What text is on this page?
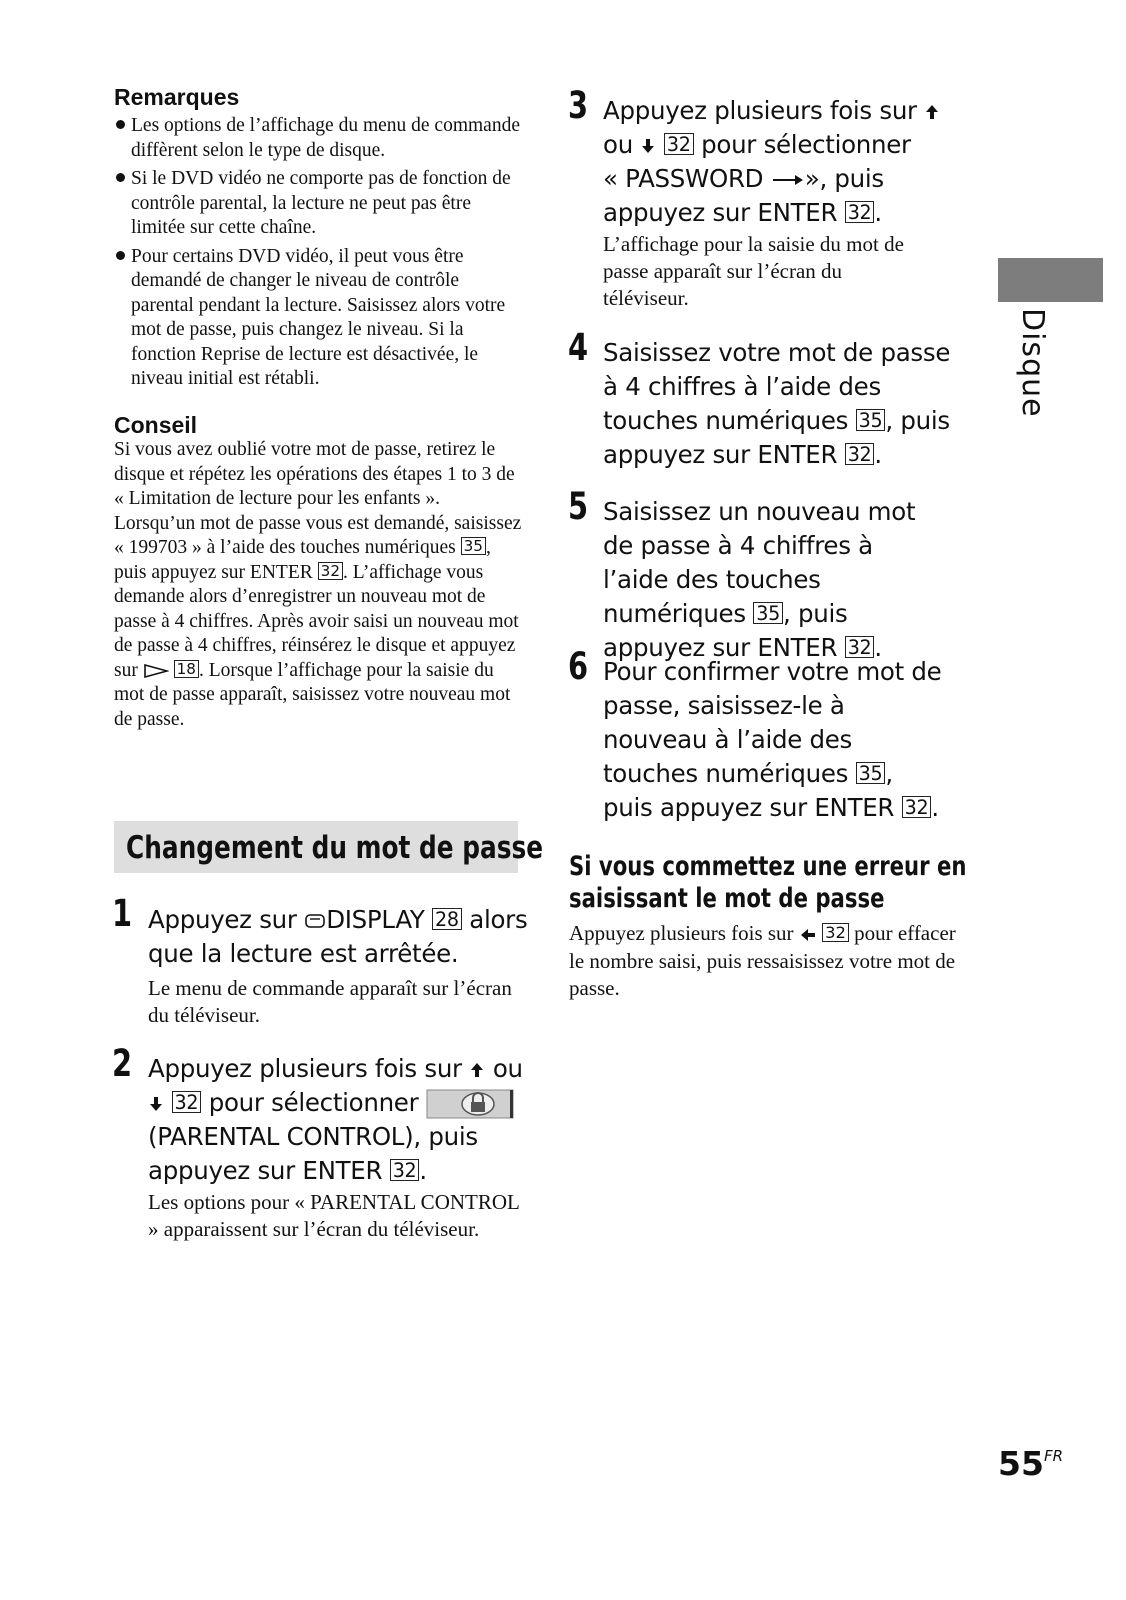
Remarques
Les options de l’affichage du menu de commande diffèrent selon le type de disque.
Si le DVD vidéo ne comporte pas de fonction de contrôle parental, la lecture ne peut pas être limitée sur cette chaîne.
Pour certains DVD vidéo, il peut vous être demandé de changer le niveau de contrôle parental pendant la lecture. Saisissez alors votre mot de passe, puis changez le niveau. Si la fonction Reprise de lecture est désactivée, le niveau initial est rétabli.
Conseil
Si vous avez oublié votre mot de passe, retirez le disque et répétez les opérations des étapes 1 to 3 de « Limitation de lecture pour les enfants ». Lorsqu’un mot de passe vous est demandé, saisissez « 199703 » à l’aide des touches numériques 35 , puis appuyez sur ENTER 32 . L’affichage vous demande alors d’enregistrer un nouveau mot de passe à 4 chiffres. Après avoir saisi un nouveau mot de passe à 4 chiffres, réinsérez le disque et appuyez sur	18 . Lorsque l’affichage pour la saisie du mot de passe apparaît, saisissez votre nouveau mot de passe.
Changement du mot de passe
1 Appuyez sur DISPLAY 28 alors que la lecture est arrêtée.
Le menu de commande apparaît sur l’écran du téléviseur.
2 Appuyez plusieurs fois sur ou
32 pour sélectionner
(PARENTAL CONTROL), puis appuyez sur ENTER 32 .
Les options pour « PARENTAL CONTROL » apparaissent sur l’écran du téléviseur.
3 Appuyez plusieurs fois sur
ou 32 pour sélectionner
« PASSWORD », puis appuyez sur ENTER 32 .
L’affichage pour la saisie du mot de passe apparaît sur l’écran du téléviseur.
4 Saisissez votre mot de passe à 4 chiffres à l’aide des touches numériques 35 , puis appuyez sur ENTER 32 .
5 Saisissez un nouveau mot de passe à 4 chiffres à l’aide des touches numériques 35 , puis appuyez sur ENTER 32 .
6 Pour confirmer votre mot de passe, saisissez-le à nouveau à l’aide des touches numériques 35 , puis appuyez sur ENTER 32 .
Si vous commettez une erreur en
saisissant le mot de passe
Appuyez plusieurs fois sur 32 pour effacer le nombre saisi, puis ressaisissez votre mot de passe.
Disque
$55^{FR}$
